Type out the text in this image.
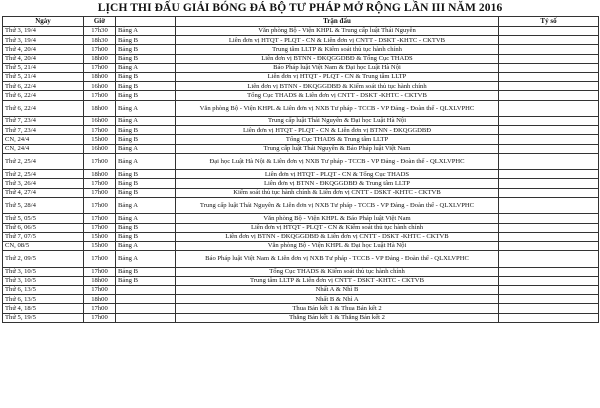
LỊCH THI ĐẤU GIẢI BÓNG ĐÁ BỘ TƯ PHÁP MỞ RỘNG LẦN III NĂM 2016
Ngày	Giờ		Trận đấu	Tỷ số
Thứ 3, 19/4	17h30	Bảng A	Văn phòng Bộ - Viện KHPL & Trung cấp luật Thái Nguyên	
Thứ 3, 19/4	18h30	Bảng B	Liên đơn vị HTQT - PLQT - CN & Liên đơn vị CNTT - DSKT -KHTC - CKTVB	
Thứ 4, 20/4	17h00	Bảng B	Trung tâm LLTP & Kiểm soát thủ tục hành chính	
Thứ 4, 20/4	18h00	Bảng B	Liên đơn vị BTNN - ĐKQGGDBĐ & Tổng Cục THADS	
Thứ 5, 21/4	17h00	Bảng A	Báo Pháp luật Việt Nam & Đại học Luật Hà Nội	
Thứ 5, 21/4	18h00	Bảng B	Liên đơn vị HTQT - PLQT - CN & Trung tâm LLTP	
Thứ 6, 22/4	16h00	Bảng B	Liên đơn vị BTNN - ĐKQGGDBĐ & Kiểm soát thủ tục hành chính	
Thứ 6, 22/4	17h00	Bảng B	Tổng Cục THADS & Liên đơn vị CNTT - DSKT -KHTC - CKTVB	
Thứ 6, 22/4	18h00	Bảng A	Văn phòng Bộ - Viện KHPL & Liên đơn vị NXB Tư pháp - TCCB - VP Đảng - Đoàn thể - QLXLVPHC	
Thứ 7, 23/4	16h00	Bảng A	Trung cấp luật Thái Nguyên & Đại học Luật Hà Nội	
Thứ 7, 23/4	17h00	Bảng B	Liên đơn vị HTQT - PLQT - CN & Liên đơn vị BTNN - ĐKQGGDBĐ	
CN, 24/4	15h00	Bảng B	Tổng Cục THADS & Trung tâm LLTP	
CN, 24/4	16h00	Bảng A	Trung cấp luật Thái Nguyên & Báo Pháp luật Việt Nam	
Thứ 2, 25/4	17h00	Bảng A	Đại học Luật Hà Nội & Liên đơn vị NXB Tư pháp - TCCB - VP Đảng - Đoàn thể - QLXLVPHC	
Thứ 2, 25/4	18h00	Bảng B	Liên đơn vị HTQT - PLQT - CN & Tổng Cục THADS	
Thứ 3, 26/4	17h00	Bảng B	Liên đơn vị BTNN - ĐKQGGDBĐ & Trung tâm LLTP	
Thứ 4, 27/4	17h00	Bảng B	Kiểm soát thủ tục hành chính & Liên đơn vị CNTT - DSKT -KHTC - CKTVB	
Thứ 5, 28/4	17h00	Bảng A	Trung cấp luật Thái Nguyên & Liên đơn vị NXB Tư pháp - TCCB - VP Đảng - Đoàn thể - QLXLVPHC	
Thứ 5, 05/5	17h00	Bảng A	Văn phòng Bộ - Viện KHPL & Báo Pháp luật Việt Nam	
Thứ 6, 06/5	17h00	Bảng B	Liên đơn vị HTQT - PLQT - CN & Kiểm soát thủ tục hành chính	
Thứ 7, 07/5	15h00	Bảng B	Liên đơn vị BTNN - ĐKQGGDBĐ & Liên đơn vị CNTT - DSKT -KHTC - CKTVB	
CN, 08/5	15h00	Bảng A	Văn phòng Bộ - Viện KHPL & Đại học Luật Hà Nội	
Thứ 2, 09/5	17h00	Bảng A	Báo Pháp luật Việt Nam & Liên đơn vị NXB Tư pháp - TCCB - VP Đảng - Đoàn thể - QLXLVPHC	
Thứ 3, 10/5	17h00	Bảng B	Tổng Cục THADS & Kiểm soát thủ tục hành chính	
Thứ 3, 10/5	18h00	Bảng B	Trung tâm LLTP & Liên đơn vị CNTT - DSKT -KHTC - CKTVB	
Thứ 6, 13/5	17h00		Nhất A & Nhì B	
Thứ 6, 13/5	18h00		Nhất B & Nhì A	
Thứ 4, 18/5	17h00		Thua Bán kết 1 & Thua Bán kết 2	
Thứ 5, 19/5	17h00		Thắng Bán kết 1 & Thắng Bán kết 2	
